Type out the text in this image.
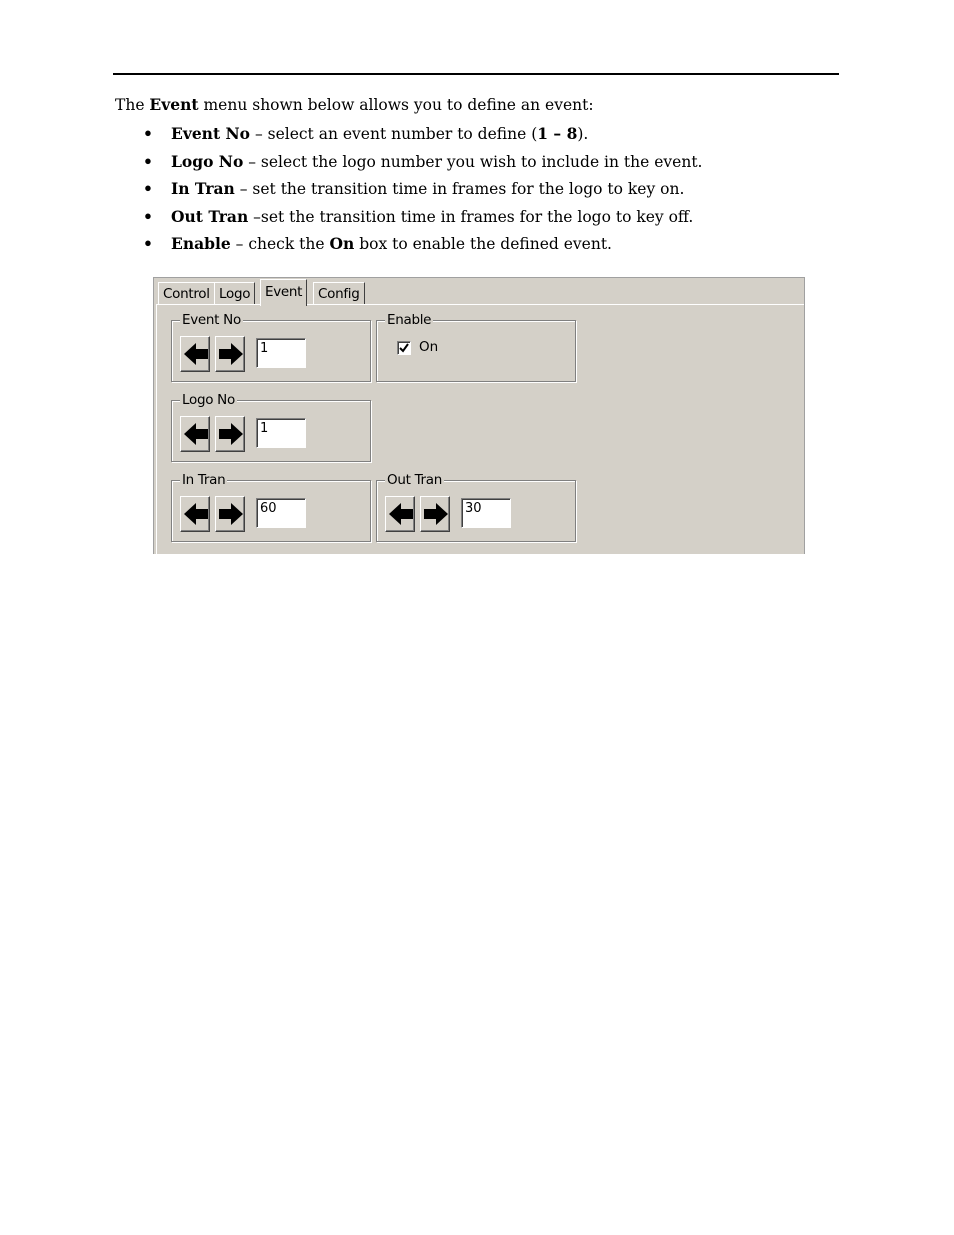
The Event menu shown below allows you to define an event:
• Event No – select an event number to define (1 – 8).
• Logo No – select the logo number you wish to include in the event.
• In Tran – set the transition time in frames for the logo to key on.
• Out Tran –set the transition time in frames for the logo to key off.
• Enable – check the On box to enable the defined event.
Control Logo	Event	Config
Event No
1
Enable
On
Logo No
1
In Tran
60
Out Tran
30
